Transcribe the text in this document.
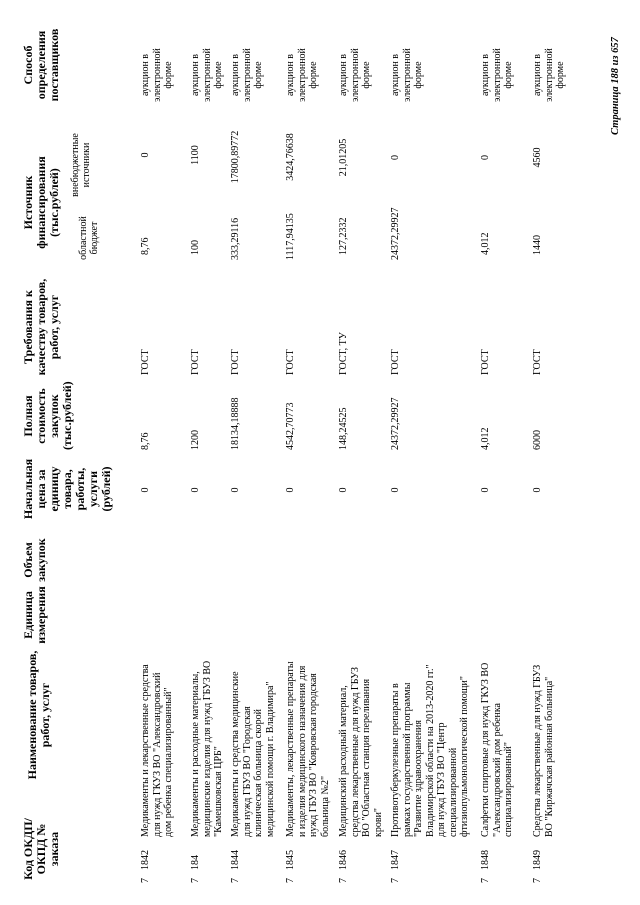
Код ОКДП/ ОКПД № заказа
Наименование товаров, работ, услуг
Единица измерения
Объем закупок
Начальная цена за единицу товара, работы, услуги (рублей)
Полная стоимость закупок (тыс.рублей)
Требования к качеству товаров, работ, услуг
Источник финансирования (тыс.рублей)
областной бюджет
внебюджетные источники
Способ определения поставщиков
7
1842
Медикаменты и лекарственные средства для нужд ГКУЗ ВО "Александровский дом ребенка специализированный"
0
8,76
ГОСТ
8,76
0
аукцион в электронной форме
7
184
Медикаменты и расходные материалы, медицинские изделия для нужд ГБУЗ ВО "Камешковская ЦРБ"
0
1200
ГОСТ
100
1100
аукцион в электронной форме
7
1844
Медикаменты и средства медицинские для нужд ГБУЗ ВО "Городская клиническая больница скорой медицинской помощи г. Владимира"
0
18134,18888
ГОСТ
333,29116
17800,89772
аукцион в электронной форме
7
1845
Медикаменты, лекарственные препараты и изделия медицинского назначения для нужд ГБУЗ ВО "Ковровская городская больница №2"
0
4542,70773
ГОСТ
1117,94135
3424,76638
аукцион в электронной форме
7
1846
Медицинский расходный материал, средства лекарственные для нужд ГБУЗ ВО "Областная станция переливания крови"
0
148,24525
ГОСТ, ТУ
127,2332
21,01205
аукцион в электронной форме
7
1847
Противотуберкулезные препараты в рамках государственной программы "Развитие здравоохранения Владимирской области на 2013-2020 гг." для нужд ГБУЗ ВО "Центр специализированной фтизиопульмонологической помощи"
0
24372,29927
ГОСТ
24372,29927
0
аукцион в электронной форме
7
1848
Салфетки спиртовые для нужд ГКУЗ ВО "Александровский дом ребенка специализированный"
0
4,012
ГОСТ
4,012
0
аукцион в электронной форме
7
1849
Средства лекарственные для нужд ГБУЗ ВО "Киржачская районная больница"
0
6000
ГОСТ
1440
4560
аукцион в электронной форме	Страница 188 из 657
